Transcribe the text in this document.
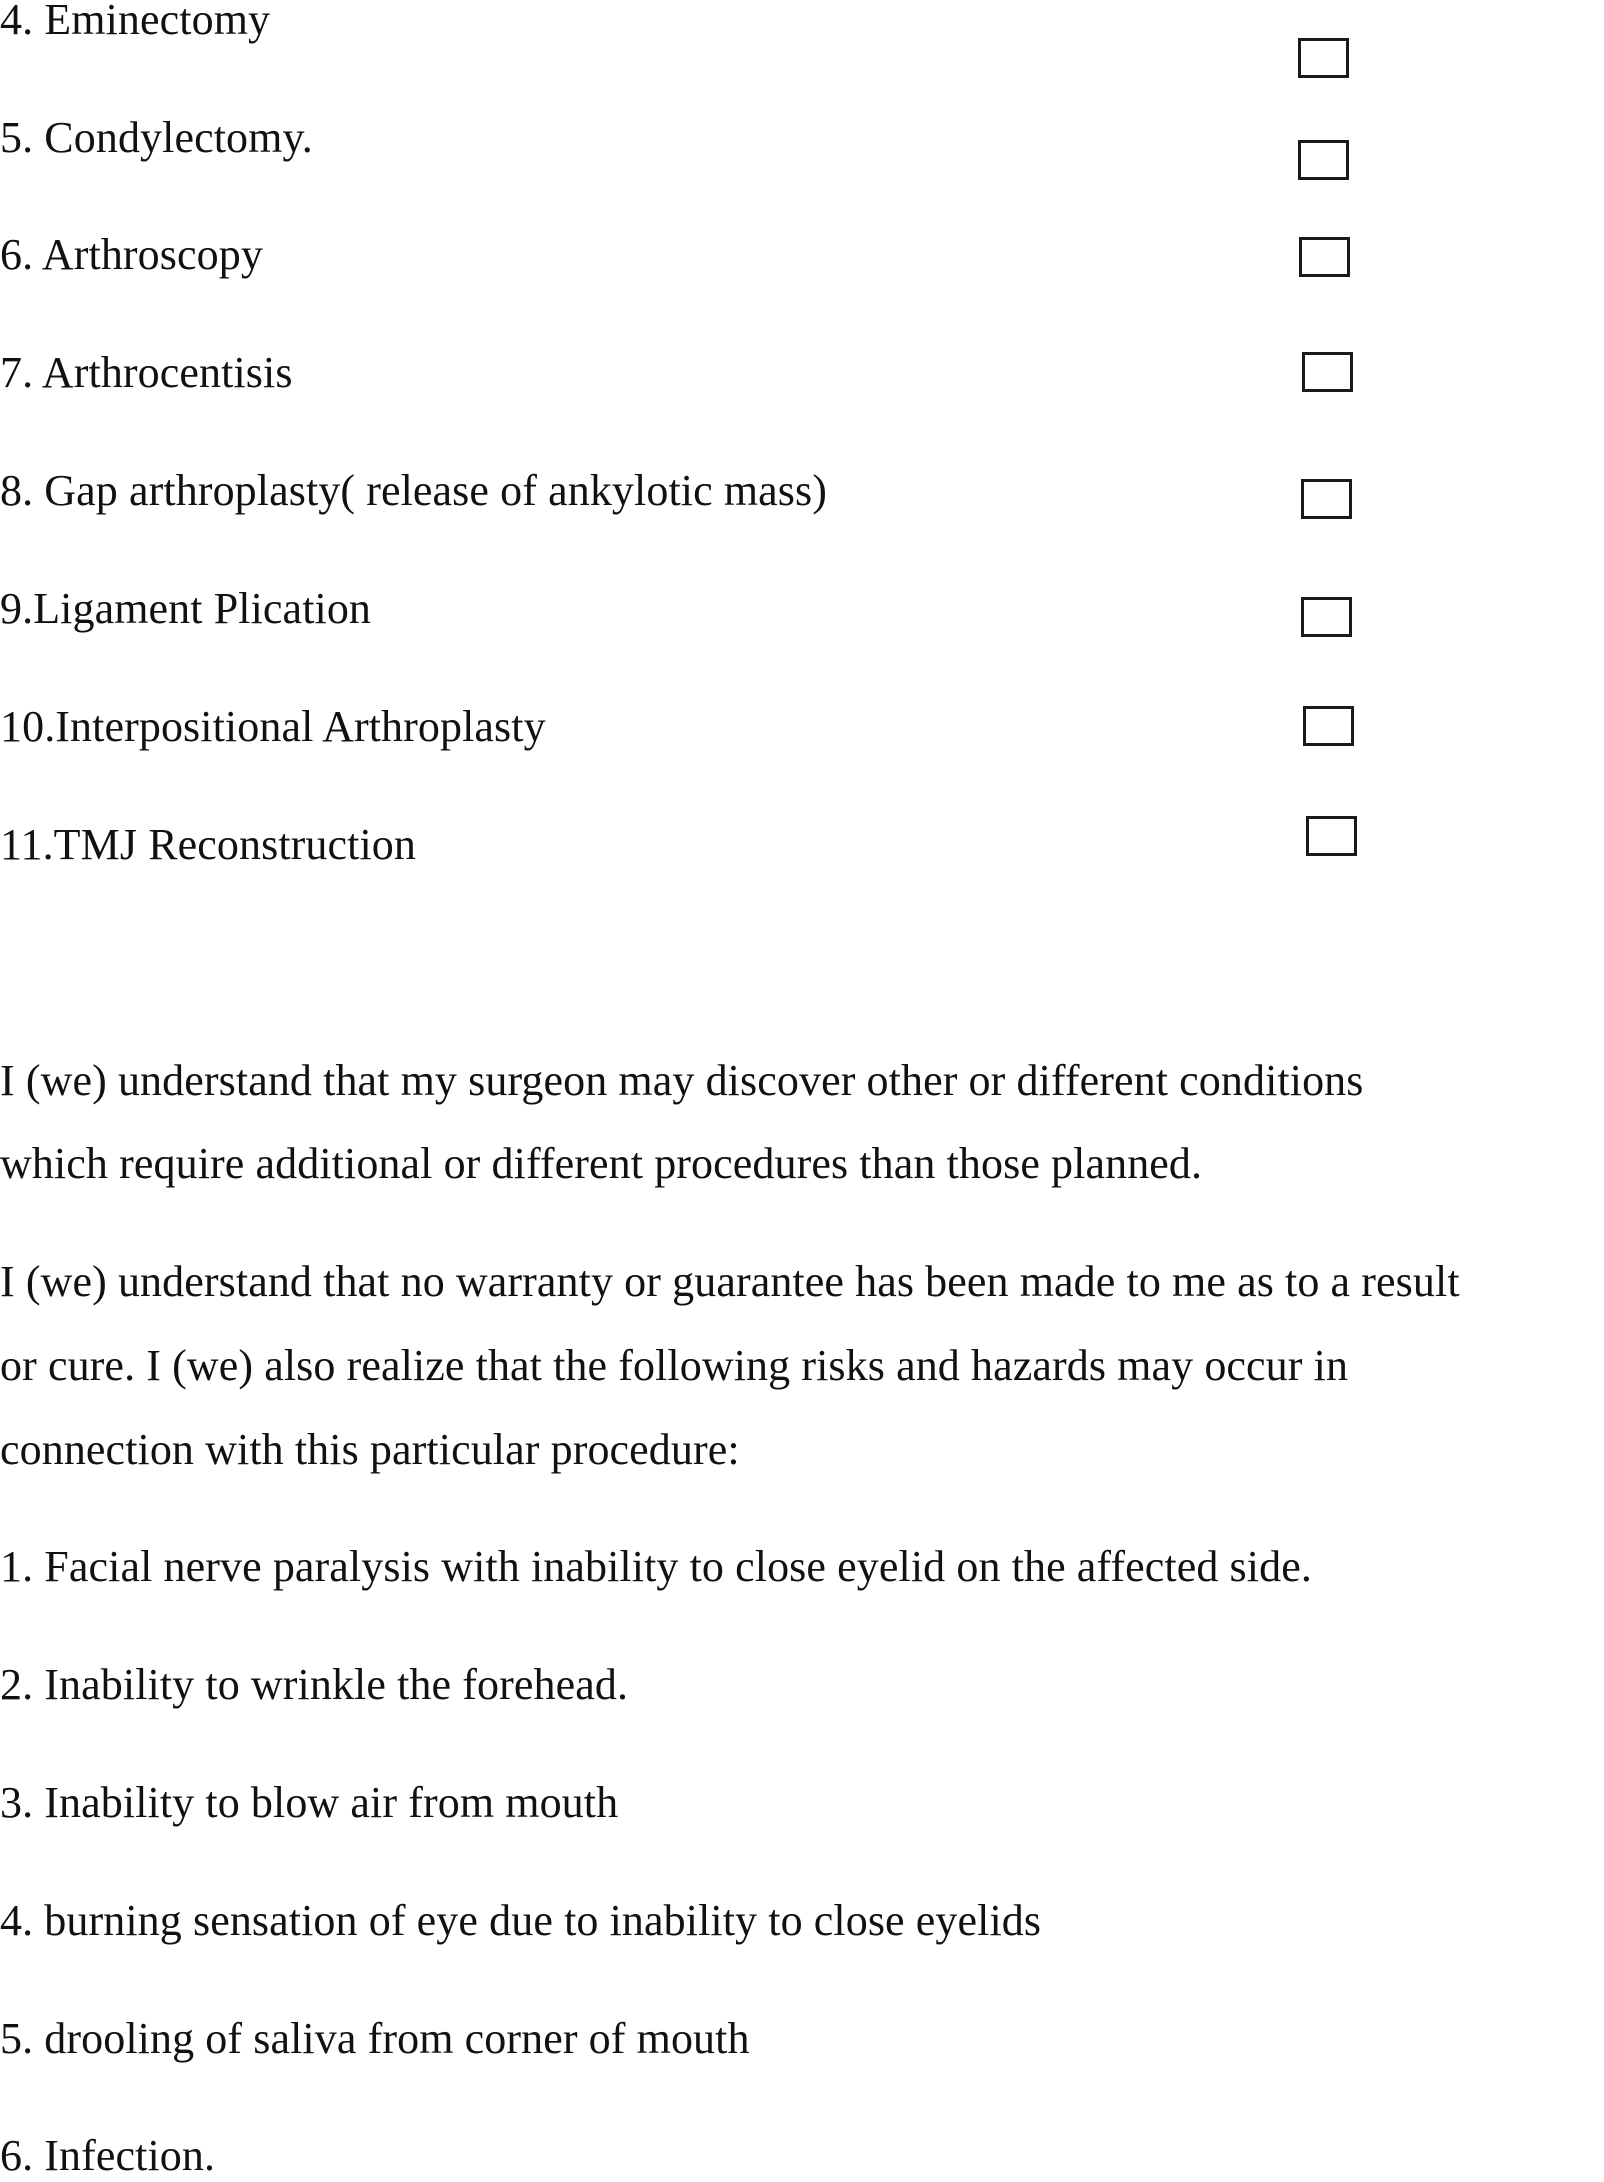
4. Eminectomy
5. Condylectomy.
6. Arthroscopy
7. Arthrocentisis
8. Gap arthroplasty( release of ankylotic mass)
9.Ligament Plication
10.Interpositional Arthroplasty
11.TMJ Reconstruction
I (we) understand that my surgeon may discover other or different conditions
which require additional or different procedures than those planned.
I (we) understand that no warranty or guarantee has been made to me as to a result
or cure. I (we) also realize that the following risks and hazards may occur in
connection with this particular procedure:
1. Facial nerve paralysis with inability to close eyelid on the affected side.
2. Inability to wrinkle the forehead.
3. Inability to blow air from mouth
4. burning sensation of eye due to inability to close eyelids
5. drooling of saliva from corner of mouth
6. Infection.
